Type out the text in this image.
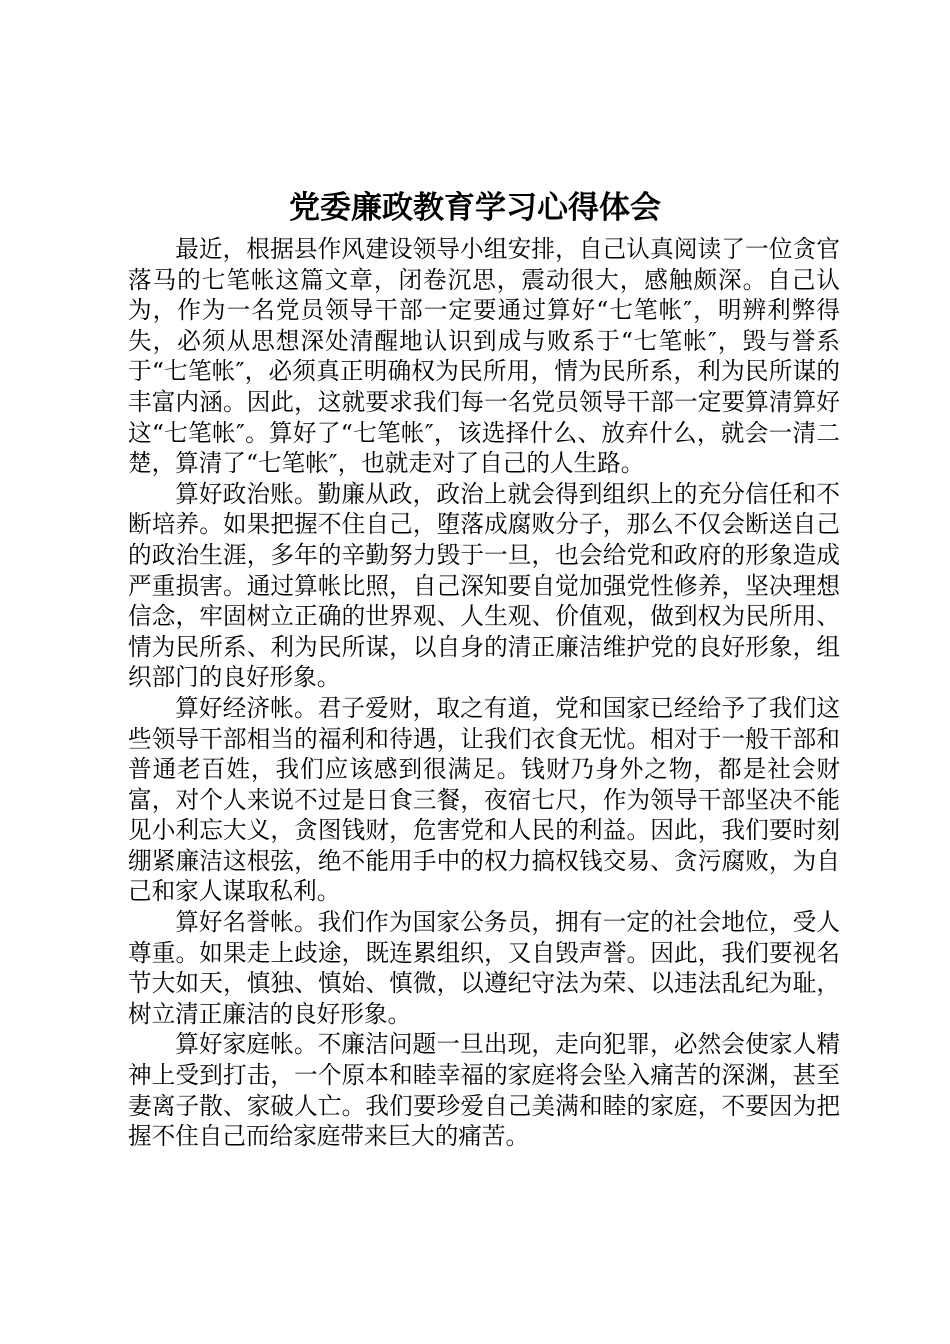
党委廉政教育学习心得体会

最近，根据县作风建设领导小组安排，自己认真阅读了一位贪官落马的七笔帐这篇文章，闭卷沉思，震动很大，感触颇深。自己认为，作为一名党员领导干部一定要通过算好“七笔帐″，明辨利弊得失，必须从思想深处清醒地认识到成与败系于“七笔帐″，毁与誉系于“七笔帐″，必须真正明确权为民所用，情为民所系，利为民所谋的丰富内涵。因此，这就要求我们每一名党员领导干部一定要算清算好这“七笔帐″。算好了“七笔帐″，该选择什么、放弃什么，就会一清二楚，算清了“七笔帐″，也就走对了自己的人生路。

算好政治账。勤廉从政，政治上就会得到组织上的充分信任和不断培养。如果把握不住自己，堕落成腐败分子，那么不仅会断送自己的政治生涯，多年的辛勤努力毁于一旦，也会给党和政府的形象造成严重损害。通过算帐比照，自己深知要自觉加强党性修养，坚决理想信念，牢固树立正确的世界观、人生观、价值观，做到权为民所用、情为民所系、利为民所谋，以自身的清正廉洁维护党的良好形象，组织部门的良好形象。

算好经济帐。君子爱财，取之有道，党和国家已经给予了我们这些领导干部相当的福利和待遇，让我们衣食无忧。相对于一般干部和普通老百姓，我们应该感到很满足。钱财乃身外之物，都是社会财富，对个人来说不过是日食三餐，夜宿七尺，作为领导干部坚决不能见小利忘大义，贪图钱财，危害党和人民的利益。因此，我们要时刻绷紧廉洁这根弦，绝不能用手中的权力搞权钱交易、贪污腐败，为自己和家人谋取私利。

算好名誉帐。我们作为国家公务员，拥有一定的社会地位，受人尊重。如果走上歧途，既连累组织，又自毁声誉。因此，我们要视名节大如天，慎独、慎始、慎微，以遵纪守法为荣、以违法乱纪为耻，树立清正廉洁的良好形象。

算好家庭帐。不廉洁问题一旦出现，走向犯罪，必然会使家人精神上受到打击，一个原本和睦幸福的家庭将会坠入痛苦的深渊，甚至妻离子散、家破人亡。我们要珍爱自己美满和睦的家庭，不要因为把握不住自己而给家庭带来巨大的痛苦。
